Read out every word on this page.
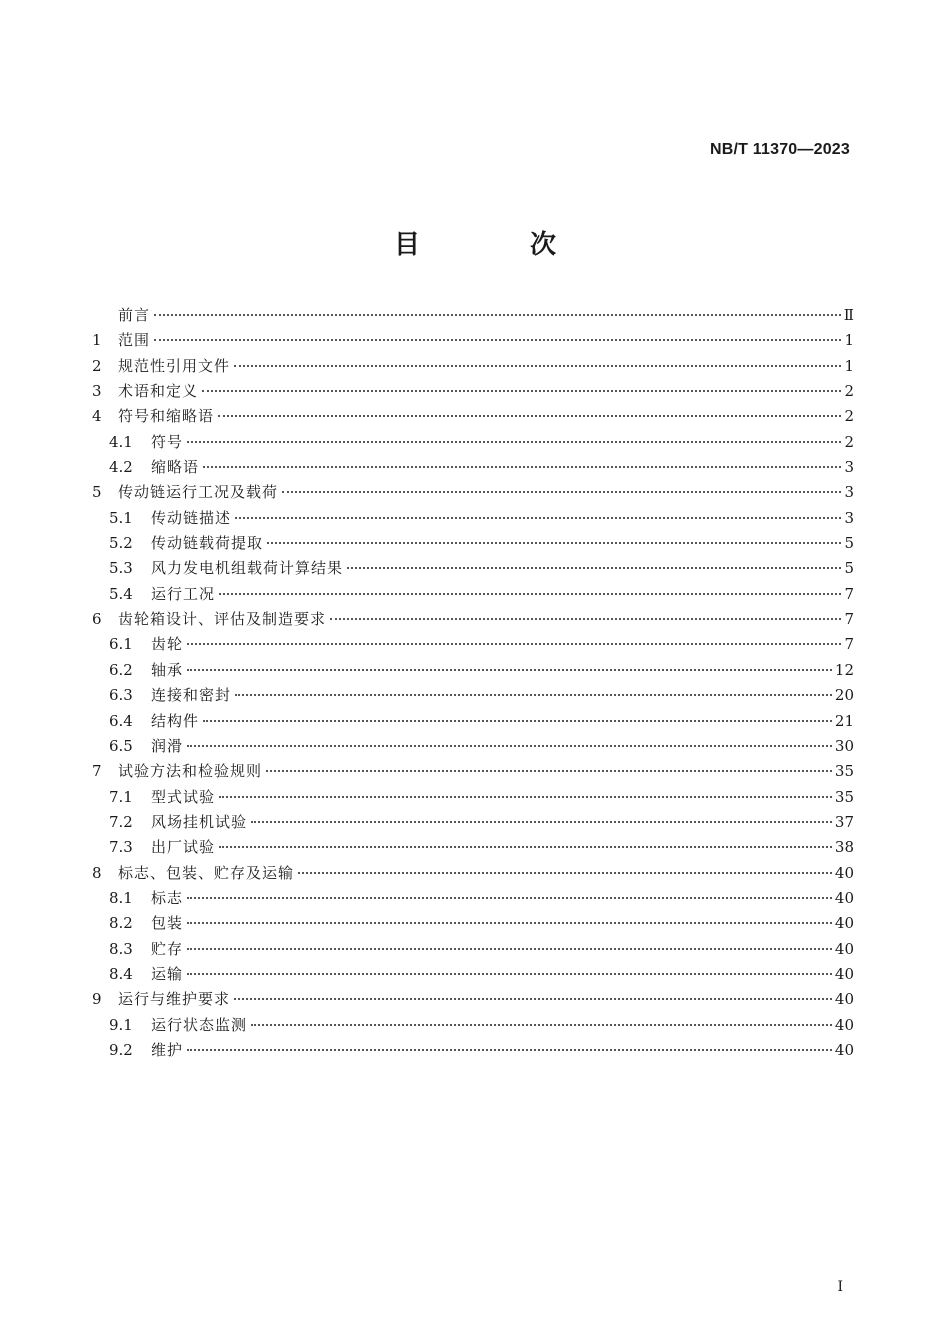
NB/T 11370—2023
目　次
前言	Ⅱ
1	范围	1
2	规范性引用文件	1
3	术语和定义	2
4	符号和缩略语	2
4.1	符号	2
4.2	缩略语	3
5	传动链运行工况及载荷	3
5.1	传动链描述	3
5.2	传动链载荷提取	5
5.3	风力发电机组载荷计算结果	5
5.4	运行工况	7
6	齿轮箱设计、评估及制造要求	7
6.1	齿轮	7
6.2	轴承	12
6.3	连接和密封	20
6.4	结构件	21
6.5	润滑	30
7	试验方法和检验规则	35
7.1	型式试验	35
7.2	风场挂机试验	37
7.3	出厂试验	38
8	标志、包装、贮存及运输	40
8.1	标志	40
8.2	包装	40
8.3	贮存	40
8.4	运输	40
9	运行与维护要求	40
9.1	运行状态监测	40
9.2	维护	40
I
